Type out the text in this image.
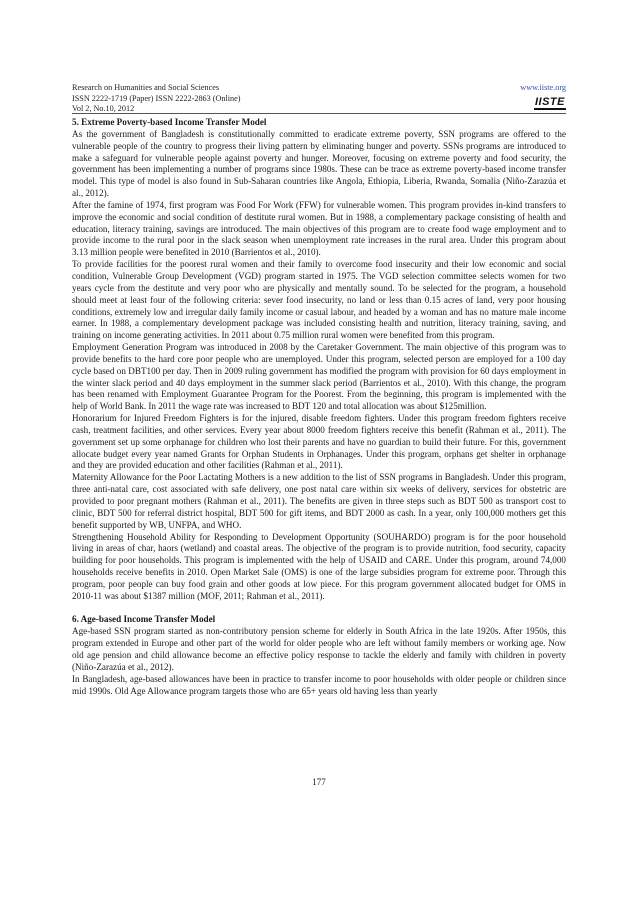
Research on Humanities and Social Sciences
ISSN 2222-1719 (Paper) ISSN 2222-2863 (Online)
Vol 2, No.10, 2012
www.iiste.org
IISTE
5. Extreme Poverty-based Income Transfer Model

As the government of Bangladesh is constitutionally committed to eradicate extreme poverty, SSN programs are offered to the vulnerable people of the country to progress their living pattern by eliminating hunger and poverty. SSNs programs are introduced to make a safeguard for vulnerable people against poverty and hunger. Moreover, focusing on extreme poverty and food security, the government has been implementing a number of programs since 1980s. These can be trace as extreme poverty-based income transfer model. This type of model is also found in Sub-Saharan countries like Angola, Ethiopia, Liberia, Rwanda, Somalia (Niño-Zarazúa et al., 2012).

After the famine of 1974, first program was Food For Work (FFW) for vulnerable women. This program provides in-kind transfers to improve the economic and social condition of destitute rural women. But in 1988, a complementary package consisting of health and education, literacy training, savings are introduced. The main objectives of this program are to create food wage employment and to provide income to the rural poor in the slack season when unemployment rate increases in the rural area. Under this program about 3.13 million people were benefited in 2010 (Barrientos et al., 2010).

To provide facilities for the poorest rural women and their family to overcome food insecurity and their low economic and social condition, Vulnerable Group Development (VGD) program started in 1975. The VGD selection committee selects women for two years cycle from the destitute and very poor who are physically and mentally sound. To be selected for the program, a household should meet at least four of the following criteria: sever food insecurity, no land or less than 0.15 acres of land, very poor housing conditions, extremely low and irregular daily family income or casual labour, and headed by a woman and has no mature male income earner. In 1988, a complementary development package was included consisting health and nutrition, literacy training, saving, and training on income generating activities. In 2011 about 0.75 million rural women were benefited from this program.

Employment Generation Program was introduced in 2008 by the Caretaker Government. The main objective of this program was to provide benefits to the hard core poor people who are unemployed. Under this program, selected person are employed for a 100 day cycle based on DBT100 per day. Then in 2009 ruling government has modified the program with provision for 60 days employment in the winter slack period and 40 days employment in the summer slack period (Barrientos et al., 2010). With this change, the program has been renamed with Employment Guarantee Program for the Poorest. From the beginning, this program is implemented with the help of World Bank. In 2011 the wage rate was increased to BDT 120 and total allocation was about $125million.

Honorarium for Injured Freedom Fighters is for the injured, disable freedom fighters. Under this program freedom fighters receive cash, treatment facilities, and other services. Every year about 8000 freedom fighters receive this benefit (Rahman et al., 2011). The government set up some orphanage for children who lost their parents and have no guardian to build their future. For this, government allocate budget every year named Grants for Orphan Students in Orphanages. Under this program, orphans get shelter in orphanage and they are provided education and other facilities (Rahman et al., 2011).

Maternity Allowance for the Poor Lactating Mothers is a new addition to the list of SSN programs in Bangladesh. Under this program, three anti-natal care, cost associated with safe delivery, one post natal care within six weeks of delivery, services for obstetric are provided to poor pregnant mothers (Rahman et al., 2011). The benefits are given in three steps such as BDT 500 as transport cost to clinic, BDT 500 for referral district hospital, BDT 500 for gift items, and BDT 2000 as cash. In a year, only 100,000 mothers get this benefit supported by WB, UNFPA, and WHO.

Strengthening Household Ability for Responding to Development Opportunity (SOUHARDO) program is for the poor household living in areas of char, haors (wetland) and coastal areas. The objective of the program is to provide nutrition, food security, capacity building for poor households. This program is implemented with the help of USAID and CARE. Under this program, around 74,000 households receive benefits in 2010. Open Market Sale (OMS) is one of the large subsidies program for extreme poor. Through this program, poor people can buy food grain and other goods at low piece. For this program government allocated budget for OMS in 2010-11 was about $1387 million (MOF, 2011; Rahman et al., 2011).

6. Age-based Income Transfer Model

Age-based SSN program started as non-contributory pension scheme for elderly in South Africa in the late 1920s. After 1950s, this program extended in Europe and other part of the world for older people who are left without family members or working age. Now old age pension and child allowance become an effective policy response to tackle the elderly and family with children in poverty (Niño-Zarazúa et al., 2012).

In Bangladesh, age-based allowances have been in practice to transfer income to poor households with older people or children since mid 1990s. Old Age Allowance program targets those who are 65+ years old having less than yearly

177
